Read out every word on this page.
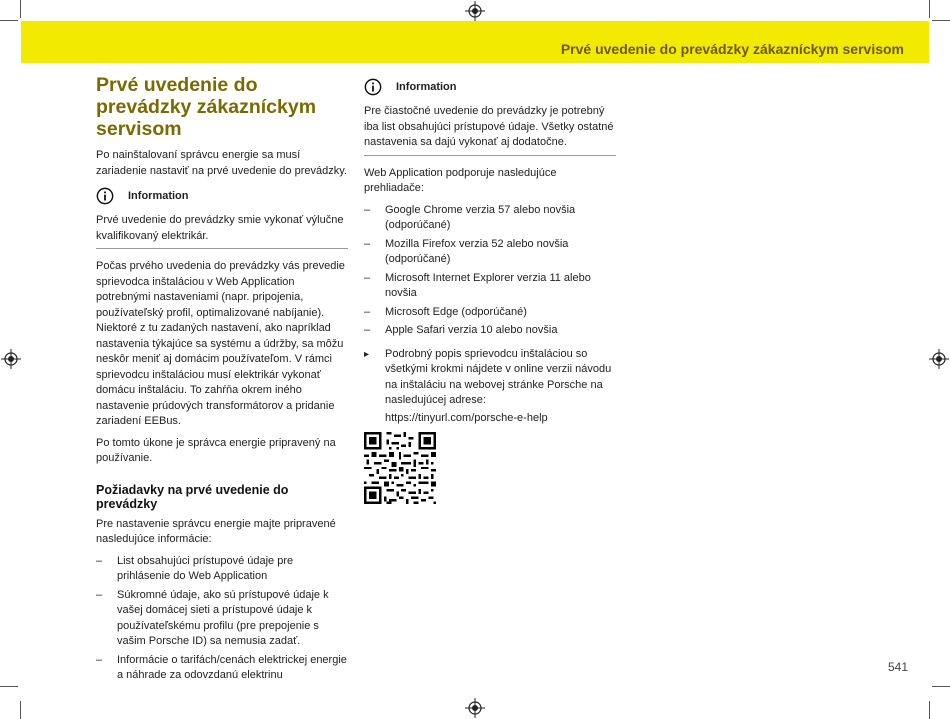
Prvé uvedenie do prevádzky zákazníckym servisom
Prvé uvedenie do prevádzky zákazníckym servisom

Po nainštalovaní správcu energie sa musí zariadenie nastaviť na prvé uvedenie do prevádzky.

Information
Prvé uvedenie do prevádzky smie vykonať výlučne kvalifikovaný elektrikár.

Počas prvého uvedenia do prevádzky vás prevedie sprievodca inštaláciou v Web Application potrebnými nastaveniami (napr. pripojenia, používateľský profil, optimalizované nabíjanie). Niektoré z tu zadaných nastavení, ako napríklad nastavenia týkajúce sa systému a údržby, sa môžu neskôr meniť aj domácim používateľom. V rámci sprievodcu inštaláciou musí elektrikár vykonať domácu inštaláciu. To zahŕňa okrem iného nastavenie prúdových transformátorov a pridanie zariadení EEBus.

Po tomto úkone je správca energie pripravený na používanie.

Požiadavky na prvé uvedenie do prevádzky

Pre nastavenie správcu energie majte pripravené nasledujúce informácie:

– List obsahujúci prístupové údaje pre prihlásenie do Web Application
– Súkromné údaje, ako sú prístupové údaje k vašej domácej sieti a prístupové údaje k používateľskému profilu (pre prepojenie s vašim Porsche ID) sa nemusia zadať.
– Informácie o tarifách/cenách elektrickej energie a náhrade za odovzdanú elektrinu
Information
Pre čiastočné uvedenie do prevádzky je potrebný iba list obsahujúci prístupové údaje. Všetky ostatné nastavenia sa dajú vykonať aj dodatočne.

Web Application podporuje nasledujúce prehliadače:

– Google Chrome verzia 57 alebo novšia (odporúčané)
– Mozilla Firefox verzia 52 alebo novšia (odporúčané)
– Microsoft Internet Explorer verzia 11 alebo novšia
– Microsoft Edge (odporúčané)
– Apple Safari verzia 10 alebo novšia
▸ Podrobný popis sprievodcu inštaláciou so všetkými krokmi nájdete v online verzii návodu na inštaláciu na webovej stránke Porsche na nasledujúcej adrese:
https://tinyurl.com/porsche-e-help
541
